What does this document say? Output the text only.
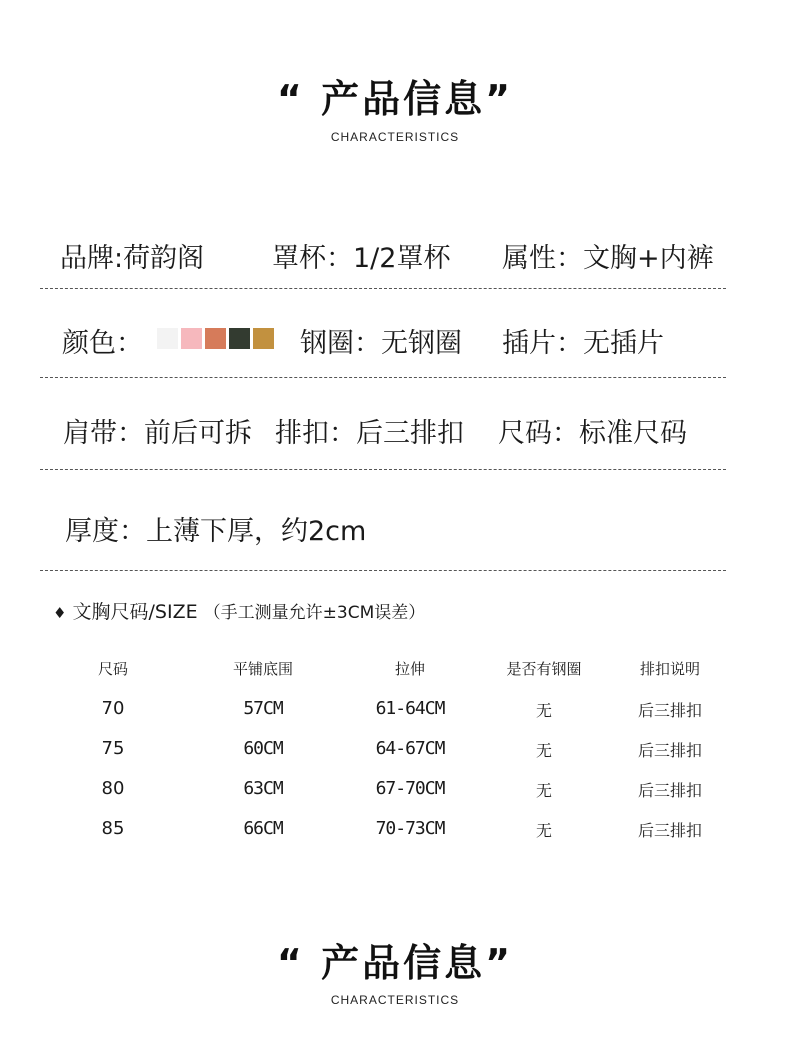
“ 产品信息”
CHARACTERISTICS
品牌:荷韵阁	罩杯：1/2罩杯 属性：文胸+内裤
颜色：	钢圈：无钢圈 插片：无插片
肩带：前后可拆 排扣：后三排扣 尺码：标准尺码
厚度：上薄下厚，约2cm
♦ 文胸尺码/SIZE （手工测量允许±3CM误差）
尺码	平铺底围	拉伸	是否有钢圈	排扣说明
70	57CM	61-64CM	无	后三排扣
75	60CM	64-67CM	无	后三排扣
80	63CM	67-70CM	无	后三排扣
85	66CM	70-73CM	无	后三排扣
“ 产品信息”
CHARACTERISTICS
